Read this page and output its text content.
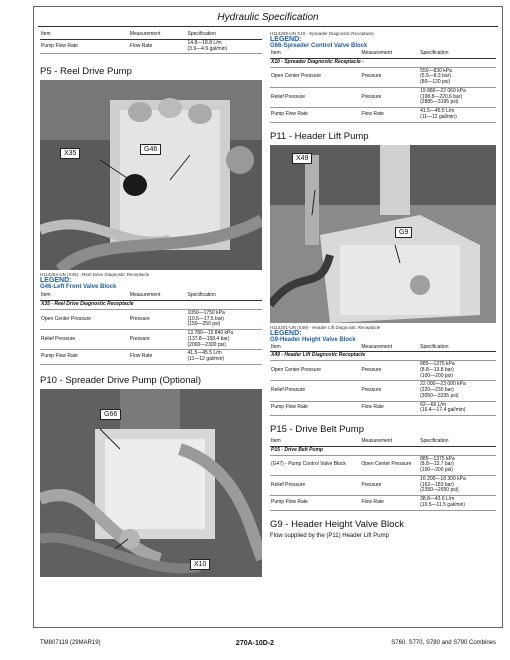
Hydraulic Specification
Item	Measurement	Specification
Pump Flow Rate	Flow Rate	14.8—18.8 L/m
(3.9—4.9 gal/min)
P5 - Reel Drive Pump
X35
G46
H114262-UN (X35) - Reel Drive Diagnostic Receptacle
LEGEND:
G46-Left Front Valve Block
Item	Measurement	Specification
X35 - Reel Drive Diagnostic Receptacle		
Open Center Pressure	Pressure	1050—1750 kPa
(10.5—17.5 bar)
(150—250 psi)
Relief Pressure	Pressure	13 780—15 840 kPa
(137.8—158.4 bar)
(2000—2300 psi)
Pump Flow Rate	Flow Rate	41.5—45.5 L/m
(11—12 gal/min)
P10 - Spreader Drive Pump (Optional)
G66
X10
H114208-UN X10 - Spreader Diagnostic Receptacle
LEGEND:
G66-Spreader Control Valve Block
Item	Measurement	Specification
X10 - Spreader Diagnostic Receptacle -		
Open Center Pressure	Pressure	550—830 kPa
(5.5—8.3 bar)
(80—120 psi)
Relief Pressure	Pressure	19 880—22 060 kPa
(198.8—220.6 bar)
(2885—3195 psi)
Pump Flow Rate	Flow Rate	41.5—45.5 L/m
(11—12 gal/min)
P11 - Header Lift Pump
X49
G9
H114201-UN (X49) - Header Lift Diagnostic Receptacle
LEGEND:
G9-Header Height Valve Block
Item	Measurement	Specification
X49 - Header Lift Diagnostic Receptacle		
Open Center Pressure	Pressure	885—1375 kPa
(8.8—13.8 bar)
(100—200 psi)
Relief Pressure	Pressure	22 000—23 000 kPa
(220—230 bar)
(3050—3335 psi)
Pump Flow Rate	Flow Rate	62—66 L/m
(16.4—17.4 gal/min)
P15 - Drive Belt Pump
Item	Measurement	Specification
P15 - Drive Belt Pump		
(G47) - Pump Control Valve Block	Open Center Pressure	885—1375 kPa
(8.8—13.7 bar)
(100—200 psi)
Relief Pressure	Pressure	16 200—18 300 kPa
(162—183 bar)
(2350—2650 psi)
Pump Flow Rate	Flow Rate	38.8—43.6 L/m
(10.5—11.5 gal/min)
G9 - Header Height Valve Block
Flow supplied by the (P11) Header Lift Pump
TM807119 (29MAR19)	270A-10D-2	S760, S770, S780 and S790 Combines
